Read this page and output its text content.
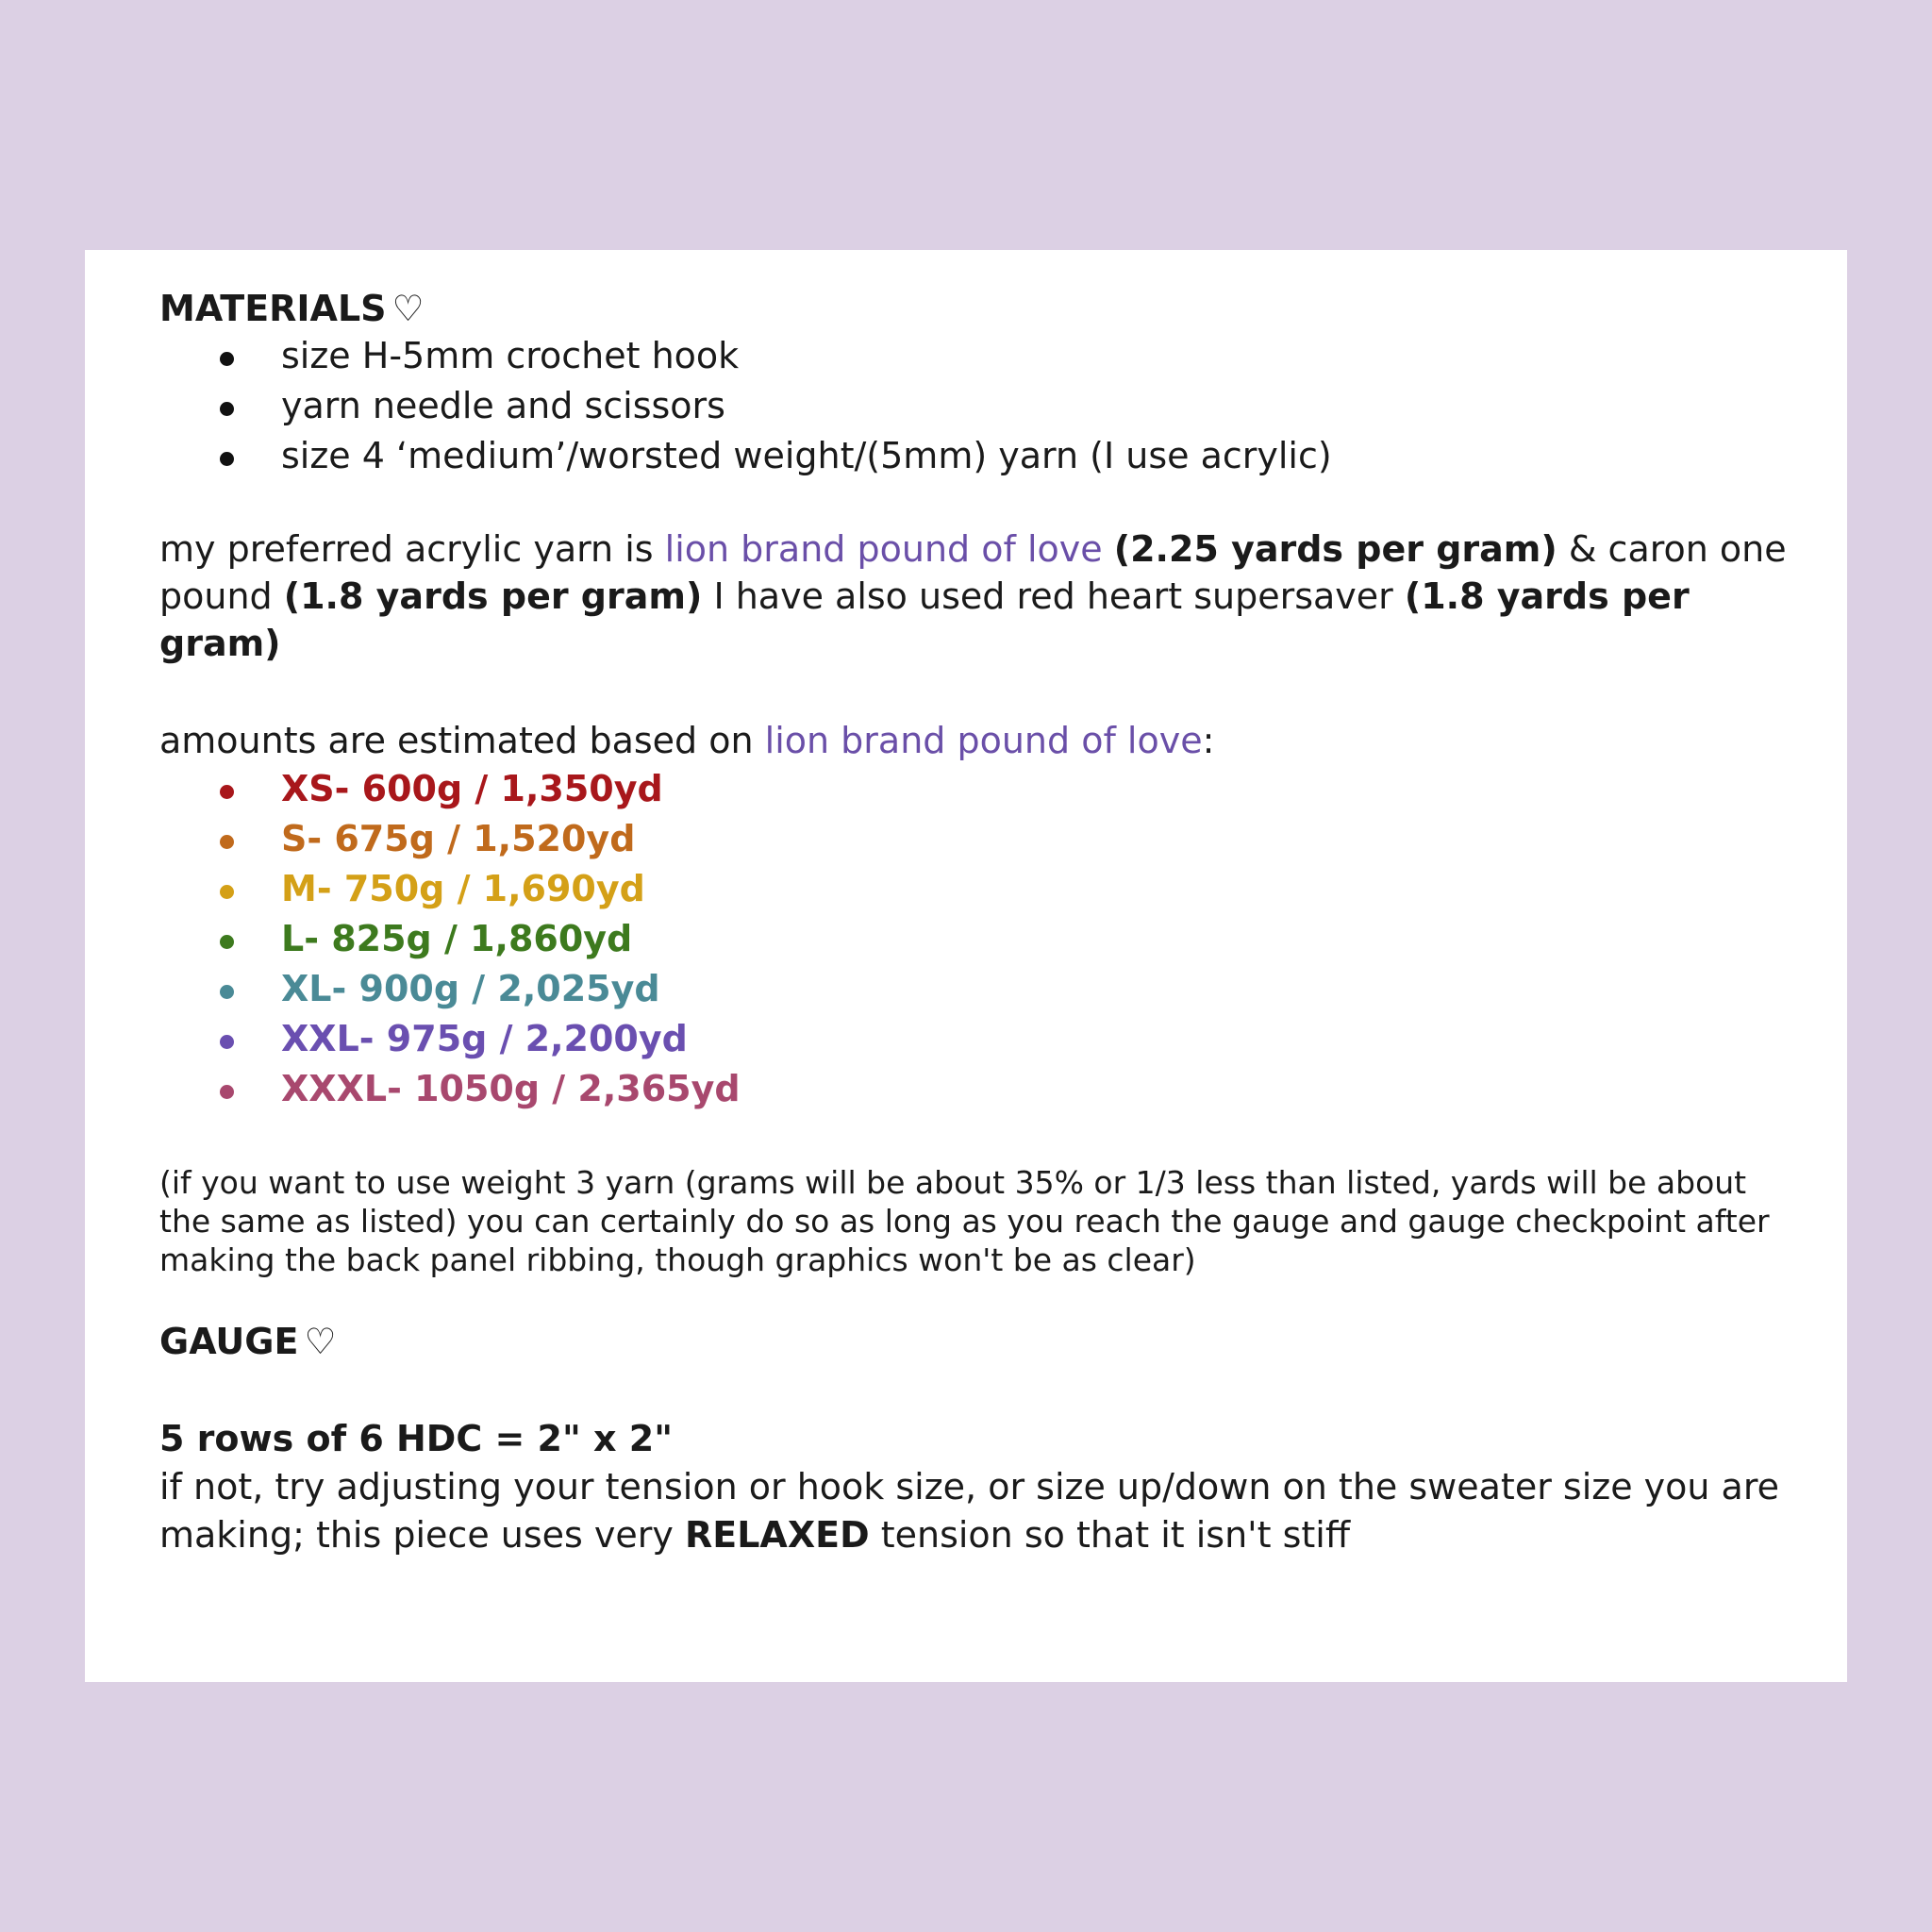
MATERIALS ♡

size H-5mm crochet hook
yarn needle and scissors
size 4 ‘medium’/worsted weight/(5mm) yarn (I use acrylic)

my preferred acrylic yarn is lion brand pound of love (2.25 yards per gram) & caron one pound (1.8 yards per gram) I have also used red heart supersaver (1.8 yards per gram)

amounts are estimated based on lion brand pound of love:

XS- 600g / 1,350yd
S- 675g / 1,520yd
M- 750g / 1,690yd
L- 825g / 1,860yd
XL- 900g / 2,025yd
XXL- 975g / 2,200yd
XXXL- 1050g / 2,365yd

(if you want to use weight 3 yarn (grams will be about 35% or 1/3 less than listed, yards will be about the same as listed) you can certainly do so as long as you reach the gauge and gauge checkpoint after making the back panel ribbing, though graphics won't be as clear)

GAUGE ♡

5 rows of 6 HDC = 2" x 2"

if not, try adjusting your tension or hook size, or size up/down on the sweater size you are making; this piece uses very RELAXED tension so that it isn't stiff
